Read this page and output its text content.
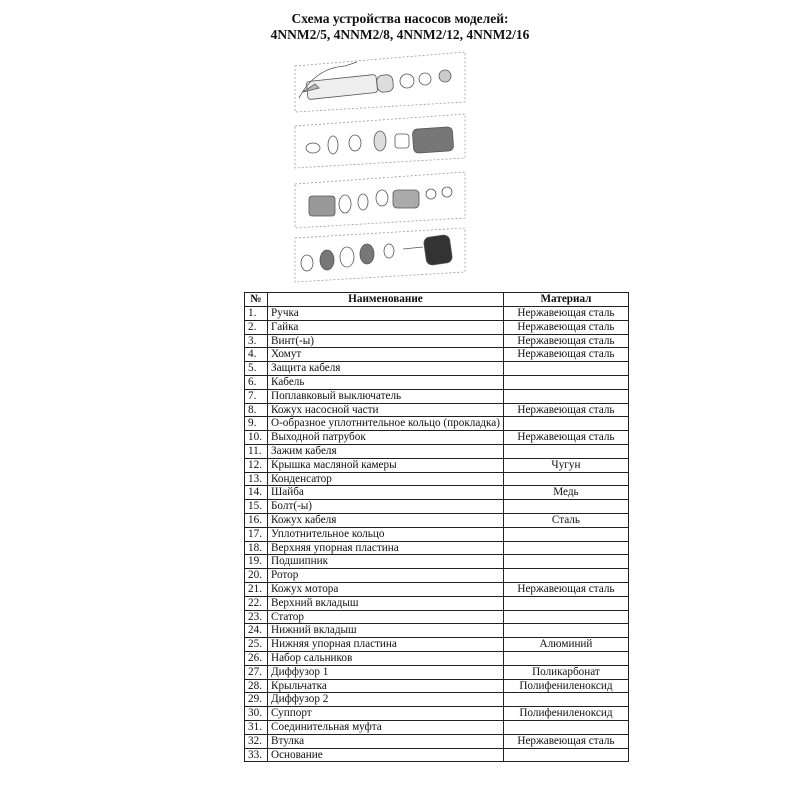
Схема устройства насосов моделей:
4NNM2/5, 4NNM2/8, 4NNM2/12, 4NNM2/16
№	Наименование	Материал
1.	Ручка	Нержавеющая сталь
2.	Гайка	Нержавеющая сталь
3.	Винт(-ы)	Нержавеющая сталь
4.	Хомут	Нержавеющая сталь
5.	Защита кабеля	
6.	Кабель	
7.	Поплавковый выключатель	
8.	Кожух насосной части	Нержавеющая сталь
9.	О-образное уплотнительное кольцо (прокладка)	
10.	Выходной патрубок	Нержавеющая сталь
11.	Зажим кабеля	
12.	Крышка масляной камеры	Чугун
13.	Конденсатор	
14.	Шайба	Медь
15.	Болт(-ы)	
16.	Кожух кабеля	Сталь
17.	Уплотнительное кольцо	
18.	Верхняя упорная пластина	
19.	Подшипник	
20.	Ротор	
21.	Кожух мотора	Нержавеющая сталь
22.	Верхний вкладыш	
23.	Статор	
24.	Нижний вкладыш	
25.	Нижняя упорная пластина	Алюминий
26.	Набор сальников	
27.	Диффузор 1	Поликарбонат
28.	Крыльчатка	Полифениленоксид
29.	Диффузор 2	
30.	Суппорт	Полифениленоксид
31.	Соединительная муфта	
32.	Втулка	Нержавеющая сталь
33.	Основание	
